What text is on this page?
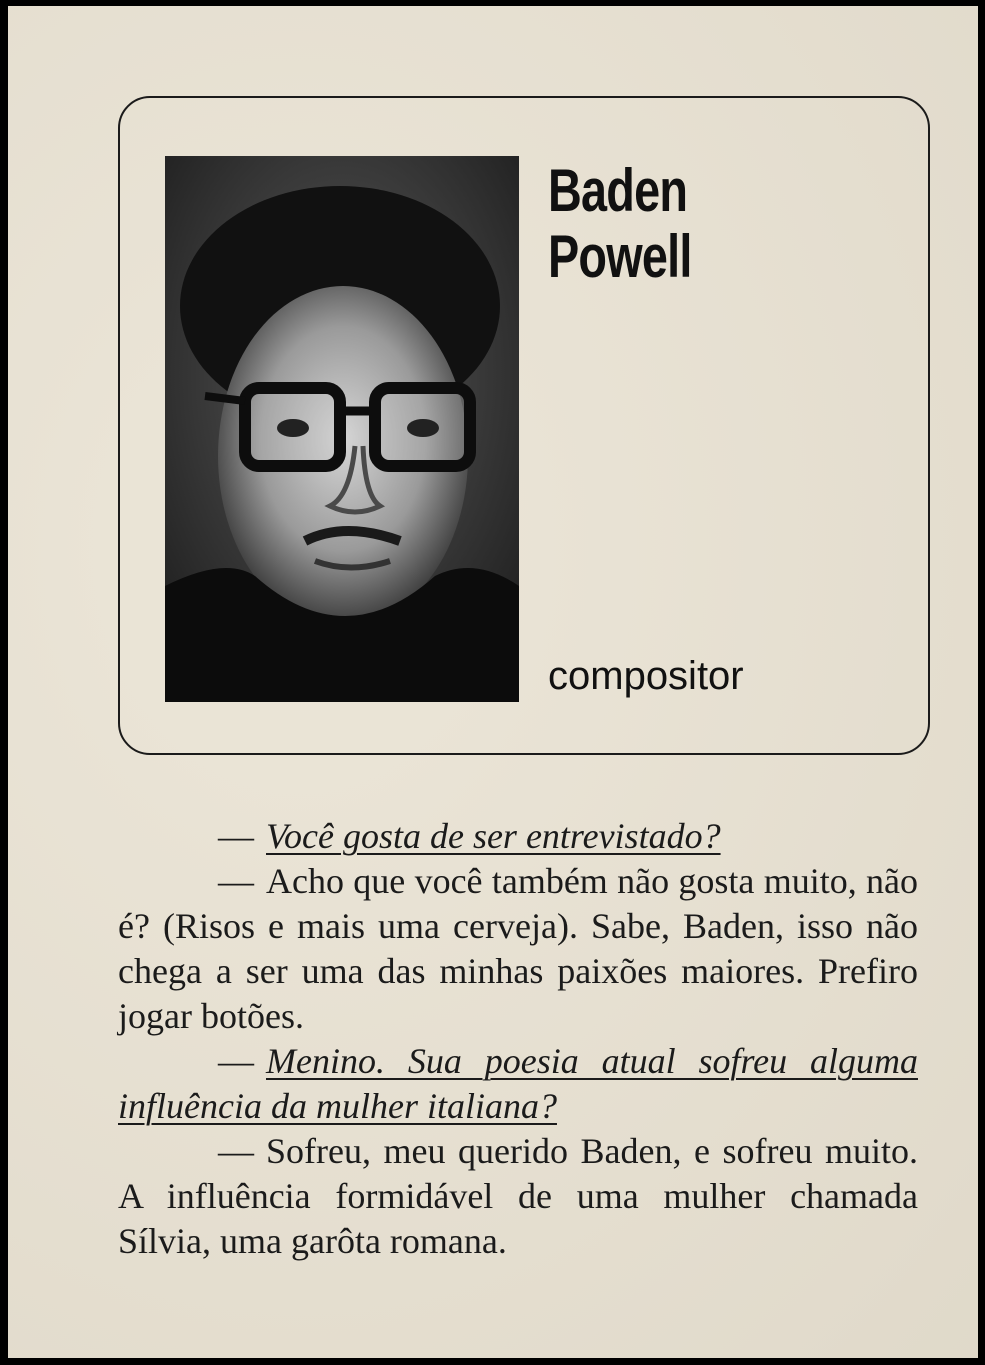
Baden
Powell
compositor

— Você gosta de ser entrevistado?

— Acho que você também não gosta muito, não é? (Risos e mais uma cerveja). Sabe, Baden, isso não chega a ser uma das minhas paixões maiores. Prefiro jogar botões.

— Menino. Sua poesia atual sofreu alguma influência da mulher italiana?

— Sofreu, meu querido Baden, e sofreu muito. A influência formidável de uma mulher chamada Sílvia, uma garôta romana.
